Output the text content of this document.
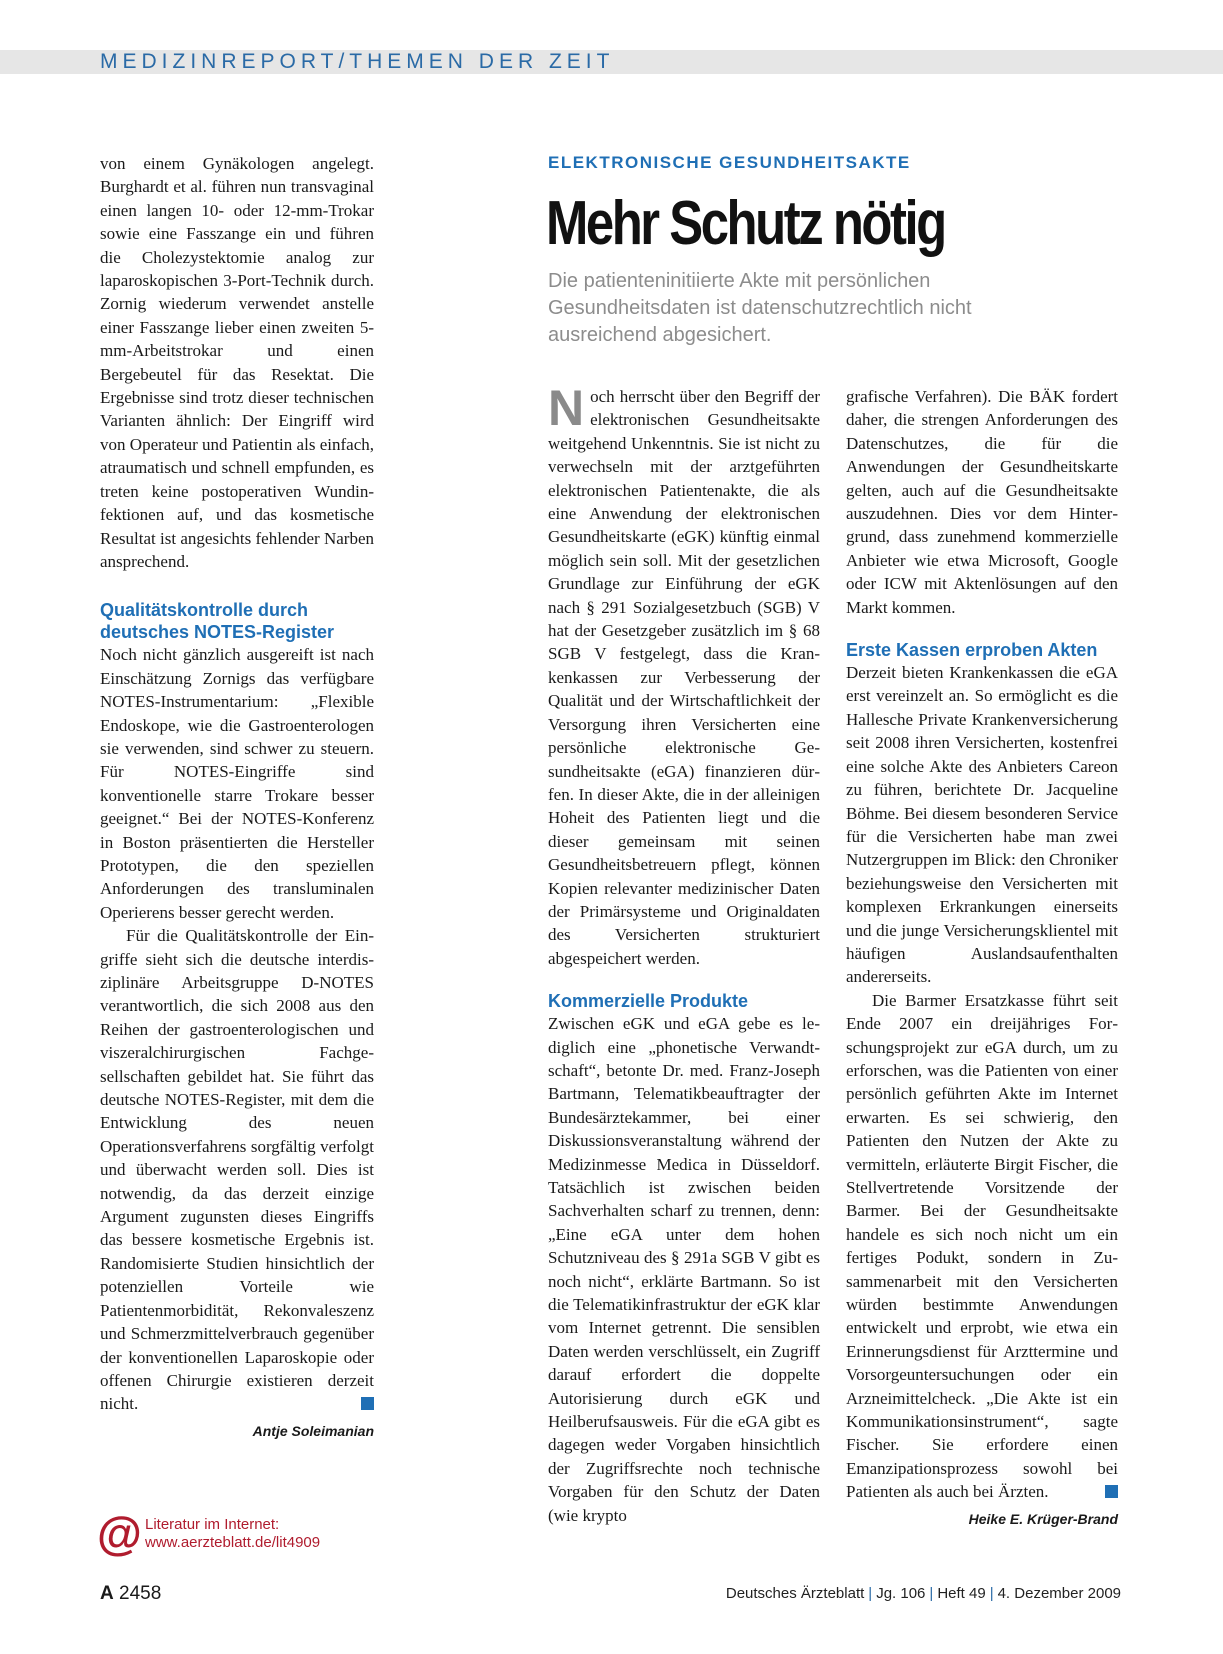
MEDIZINREPORT/THEMEN DER ZEIT

von einem Gynäkologen angelegt. Burghardt et al. führen nun transvaginal einen langen 10- oder 12-mm-Trokar sowie eine Fasszange ein und führen die Cholezystektomie analog zur laparoskopischen 3-Port-Technik durch. Zornig wiederum verwendet anstelle einer Fasszange lieber einen zweiten 5-mm-Arbeitstrokar und einen Bergebeutel für das Resektat. Die Ergebnisse sind trotz dieser technischen Varianten ähnlich: Der Eingriff wird von Operateur und Patientin als einfach, atraumatisch und schnell empfunden, es treten keine postoperativen Wundinfektionen auf, und das kosmetische Resultat ist angesichts fehlender Narben ansprechend.

Qualitätskontrolle durch deutsches NOTES-Register

Noch nicht gänzlich ausgereift ist nach Einschätzung Zornigs das verfügbare NOTES-Instrumentarium: „Flexible Endoskope, wie die Gastroenterologen sie verwenden, sind schwer zu steuern. Für NOTES-Eingriffe sind konventionelle starre Trokare besser geeignet.“ Bei der NOTES-Konferenz in Boston präsentierten die Hersteller Prototypen, die den speziellen Anforderungen des transluminalen Operierens besser gerecht werden.

Für die Qualitätskontrolle der Eingriffe sieht sich die deutsche interdisziplinäre Arbeitsgruppe D-NOTES verantwortlich, die sich 2008 aus den Reihen der gastroenterologischen und viszeralchirurgischen Fachgesellschaften gebildet hat. Sie führt das deutsche NOTES-Register, mit dem die Entwicklung des neuen Operationsverfahrens sorgfältig verfolgt und überwacht werden soll. Dies ist notwendig, da das derzeit einzige Argument zugunsten dieses Eingriffs das bessere kosmetische Ergebnis ist. Randomisierte Studien hinsichtlich der potenziellen Vorteile wie Patientenmorbidität, Rekonvaleszenz und Schmerzmittelverbrauch gegenüber der konventionellen Laparoskopie oder offenen Chirurgie existieren derzeit nicht.

Antje Soleimanian
@ Literatur im Internet:
www.aerzteblatt.de/lit4909
ELEKTRONISCHE GESUNDHEITSAKTE
Mehr Schutz nötig
Die patienteninitiierte Akte mit persönlichen Gesundheitsdaten ist datenschutzrechtlich nicht ausreichend abgesichert.

Noch herrscht über den Begriff der elektronischen Gesundheitsakte weitgehend Unkenntnis. Sie ist nicht zu verwechseln mit der arztgeführten elektronischen Patientenakte, die als eine Anwendung der elektronischen Gesundheitskarte (eGK) künftig einmal möglich sein soll. Mit der gesetzlichen Grundlage zur Einführung der eGK nach § 291 Sozialgesetzbuch (SGB) V hat der Gesetzgeber zusätzlich im § 68 SGB V festgelegt, dass die Krankenkassen zur Verbesserung der Qualität und der Wirtschaftlichkeit der Versorgung ihren Versicherten eine persönliche elektronische Gesundheitsakte (eGA) finanzieren dürfen. In dieser Akte, die in der alleinigen Hoheit des Patienten liegt und die dieser gemeinsam mit seinen Gesundheitsbetreuern pflegt, können Kopien relevanter medizinischer Daten der Primärsysteme und Originaldaten des Versicherten strukturiert abgespeichert werden.

Kommerzielle Produkte

Zwischen eGK und eGA gebe es lediglich eine „phonetische Verwandtschaft“, betonte Dr. med. Franz-Joseph Bartmann, Telematikbeauftragter der Bundesärztekammer, bei einer Diskussionsveranstaltung während der Medizinmesse Medica in Düsseldorf. Tatsächlich ist zwischen beiden Sachverhalten scharf zu trennen, denn: „Eine eGA unter dem hohen Schutzniveau des § 291a SGB V gibt es noch nicht“, erklärte Bartmann. So ist die Telematikinfrastruktur der eGK klar vom Internet getrennt. Die sensiblen Daten werden verschlüsselt, ein Zugriff darauf erfordert die doppelte Autorisierung durch eGK und Heilberufsausweis. Für die eGA gibt es dagegen weder Vorgaben hinsichtlich der Zugriffsrechte noch technische Vorgaben für den Schutz der Daten (wie krypto

grafische Verfahren). Die BÄK fordert daher, die strengen Anforderungen des Datenschutzes, die für die Anwendungen der Gesundheitskarte gelten, auch auf die Gesundheitsakte auszudehnen. Dies vor dem Hintergrund, dass zunehmend kommerzielle Anbieter wie etwa Microsoft, Google oder ICW mit Aktenlösungen auf den Markt kommen.

Erste Kassen erproben Akten

Derzeit bieten Krankenkassen die eGA erst vereinzelt an. So ermöglicht es die Hallesche Private Krankenversicherung seit 2008 ihren Versicherten, kostenfrei eine solche Akte des Anbieters Careon zu führen, berichtete Dr. Jacqueline Böhme. Bei diesem besonderen Service für die Versicherten habe man zwei Nutzergruppen im Blick: den Chroniker beziehungsweise den Versicherten mit komplexen Erkrankungen einerseits und die junge Versicherungsklientel mit häufigen Auslandsaufenthalten andererseits.

Die Barmer Ersatzkasse führt seit Ende 2007 ein dreijähriges Forschungsprojekt zur eGA durch, um zu erforschen, was die Patienten von einer persönlich geführten Akte im Internet erwarten. Es sei schwierig, den Patienten den Nutzen der Akte zu vermitteln, erläuterte Birgit Fischer, die Stellvertretende Vorsitzende der Barmer. Bei der Gesundheitsakte handele es sich noch nicht um ein fertiges Podukt, sondern in Zusammenarbeit mit den Versicherten würden bestimmte Anwendungen entwickelt und erprobt, wie etwa ein Erinnerungsdienst für Arzttermine und Vorsorgeuntersuchungen oder ein Arzneimittelcheck. „Die Akte ist ein Kommunikationsinstrument“, sagte Fischer. Sie erfordere einen Emanzipationsprozess sowohl bei Patienten als auch bei Ärzten.

Heike E. Krüger-Brand
A 2458	Deutsches Ärzteblatt | Jg. 106 | Heft 49 | 4. Dezember 2009
